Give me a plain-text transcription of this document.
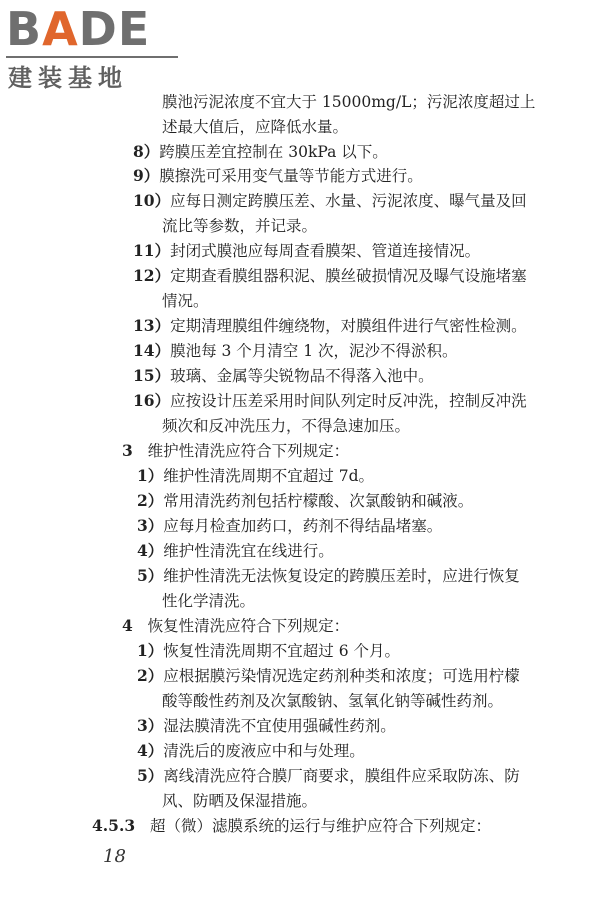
BADE
建装基地
膜池污泥浓度不宜大于 15000mg/L；污泥浓度超过上
述最大值后，应降低水量。
8）跨膜压差宜控制在 30kPa 以下。
9）膜擦洗可采用变气量等节能方式进行。
10）应每日测定跨膜压差、水量、污泥浓度、曝气量及回
流比等参数，并记录。
11）封闭式膜池应每周查看膜架、管道连接情况。
12）定期查看膜组器积泥、膜丝破损情况及曝气设施堵塞
情况。
13）定期清理膜组件缠绕物，对膜组件进行气密性检测。
14）膜池每 3 个月清空 1 次，泥沙不得淤积。
15）玻璃、金属等尖锐物品不得落入池中。
16）应按设计压差采用时间队列定时反冲洗，控制反冲洗
频次和反冲洗压力，不得急速加压。
3 维护性清洗应符合下列规定：
1）维护性清洗周期不宜超过 7d。
2）常用清洗药剂包括柠檬酸、次氯酸钠和碱液。
3）应每月检查加药口，药剂不得结晶堵塞。
4）维护性清洗宜在线进行。
5）维护性清洗无法恢复设定的跨膜压差时，应进行恢复
性化学清洗。
4 恢复性清洗应符合下列规定：
1）恢复性清洗周期不宜超过 6 个月。
2）应根据膜污染情况选定药剂种类和浓度；可选用柠檬
酸等酸性药剂及次氯酸钠、氢氧化钠等碱性药剂。
3）湿法膜清洗不宜使用强碱性药剂。
4）清洗后的废液应中和与处理。
5）离线清洗应符合膜厂商要求，膜组件应采取防冻、防
风、防晒及保湿措施。
4.5.3 超（微）滤膜系统的运行与维护应符合下列规定：
18
